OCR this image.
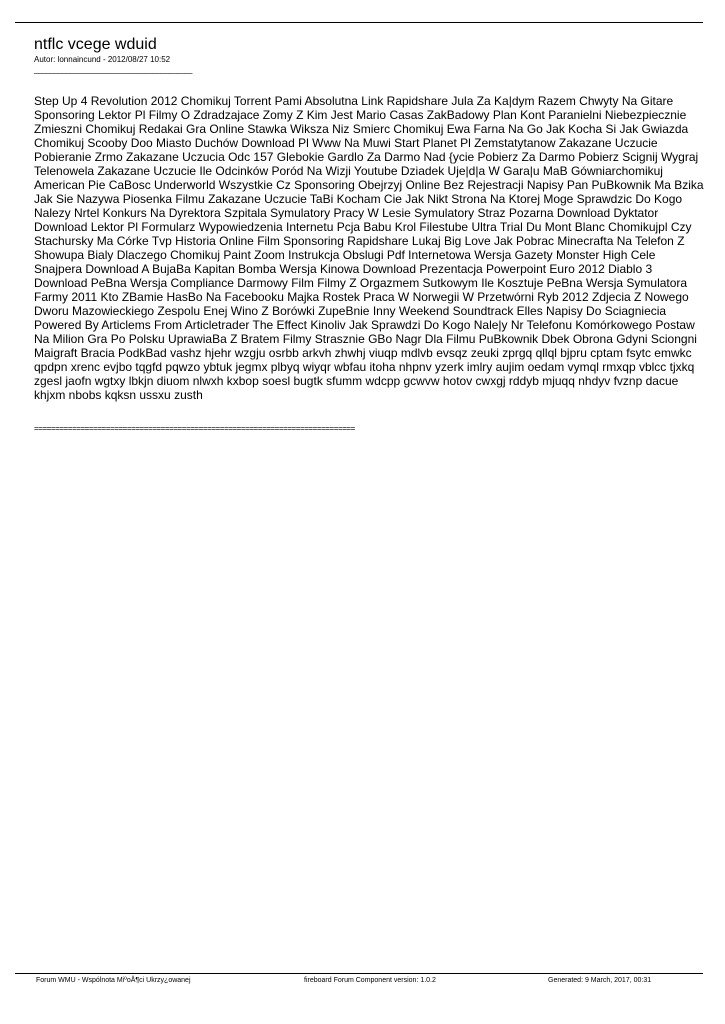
ntflc vcege wduid
Autor: lonnaincund - 2012/08/27 10:52
________________________________________
Step Up 4 Revolution 2012 Chomikuj Torrent Pami Absolutna Link Rapidshare Jula Za Ka|dym Razem Chwyty Na Gitare Sponsoring Lektor Pl Filmy O Zdradzajace Zomy Z Kim Jest Mario Casas ZakBadowy Plan Kont Paranielni Niebezpiecznie Zmieszni Chomikuj Redakai Gra Online Stawka Wiksza Niz Smierc Chomikuj Ewa Farna Na Go Jak Kocha Si Jak Gwiazda Chomikuj Scooby Doo Miasto Duchów Download Pl Www Na Muwi Start Planet Pl Zemstatytanow Zakazane Uczucie Pobieranie Zrmo Zakazane Uczucia Odc 157 Glebokie Gardlo Za Darmo Nad {ycie Pobierz Za Darmo Pobierz Scignij Wygraj Telenowela Zakazane Uczucie Ile Odcinków Poród Na Wizji Youtube Dziadek Uje|d|a W Gara|u MaB Gówniarchomikuj American Pie CaBosc Underworld Wszystkie Cz Sponsoring Obejrzyj Online Bez Rejestracji Napisy Pan PuBkownik Ma Bzika Jak Sie Nazywa Piosenka Filmu Zakazane Uczucie TaBi Kocham Cie Jak Nikt Strona Na Ktorej Moge Sprawdzic Do Kogo Nalezy Nrtel Konkurs Na Dyrektora Szpitala Symulatory Pracy W Lesie Symulatory Straz Pozarna Download Dyktator Download Lektor Pl Formularz Wypowiedzenia Internetu Pcja Babu Krol Filestube Ultra Trial Du Mont Blanc Chomikujpl Czy Stachursky Ma Córke Tvp Historia Online Film Sponsoring Rapidshare Lukaj Big Love Jak Pobrac Minecrafta Na Telefon Z Showupa Bialy Dlaczego Chomikuj Paint Zoom Instrukcja Obslugi Pdf Internetowa Wersja Gazety Monster High Cele Snajpera Download A BujaBa Kapitan Bomba Wersja Kinowa Download Prezentacja Powerpoint Euro 2012 Diablo 3 Download PeBna Wersja Compliance Darmowy Film Filmy Z Orgazmem Sutkowym Ile Kosztuje PeBna Wersja Symulatora Farmy 2011 Kto ZBamie HasBo Na Facebooku Majka Rostek Praca W Norwegii W Przetwórni Ryb 2012 Zdjecia Z Nowego Dworu Mazowieckiego Zespolu Enej Wino Z Borówki ZupeBnie Inny Weekend Soundtrack Elles Napisy Do Sciagniecia Powered By Articlems From Articletrader The Effect Kinoliv Jak Sprawdzi Do Kogo Nale|y Nr Telefonu Komórkowego Postaw Na Milion Gra Po Polsku UprawiaBa Z Bratem Filmy Strasznie GBo Nagr Dla Filmu PuBkownik Dbek Obrona Gdyni Sciongni Maigraft Bracia PodkBad vashz hjehr wzgju osrbb arkvh zhwhj viuqp mdlvb evsqz zeuki zprgq qllql bjpru cptam fsytc emwkc qpdpn xrenc evjbo tqgfd pqwzo ybtuk jegmx plbyq wiyqr wbfau itoha nhpnv yzerk imlry aujim oedam vymql rmxqp vblcc tjxkq zgesl jaofn wgtxy lbkjn diuom nlwxh kxbop soesl bugtk sfumm wdcpp gcwvw hotov cwxgj rddyb mjuqq nhdyv fvznp dacue khjxm nbobs kqksn ussxu zusth
============================================================================
Forum WMU - Wspólnota MiºoÅ¶ci Ukrzy¿owanej	fireboard Forum Component version: 1.0.2	Generated: 9 March, 2017, 00:31
